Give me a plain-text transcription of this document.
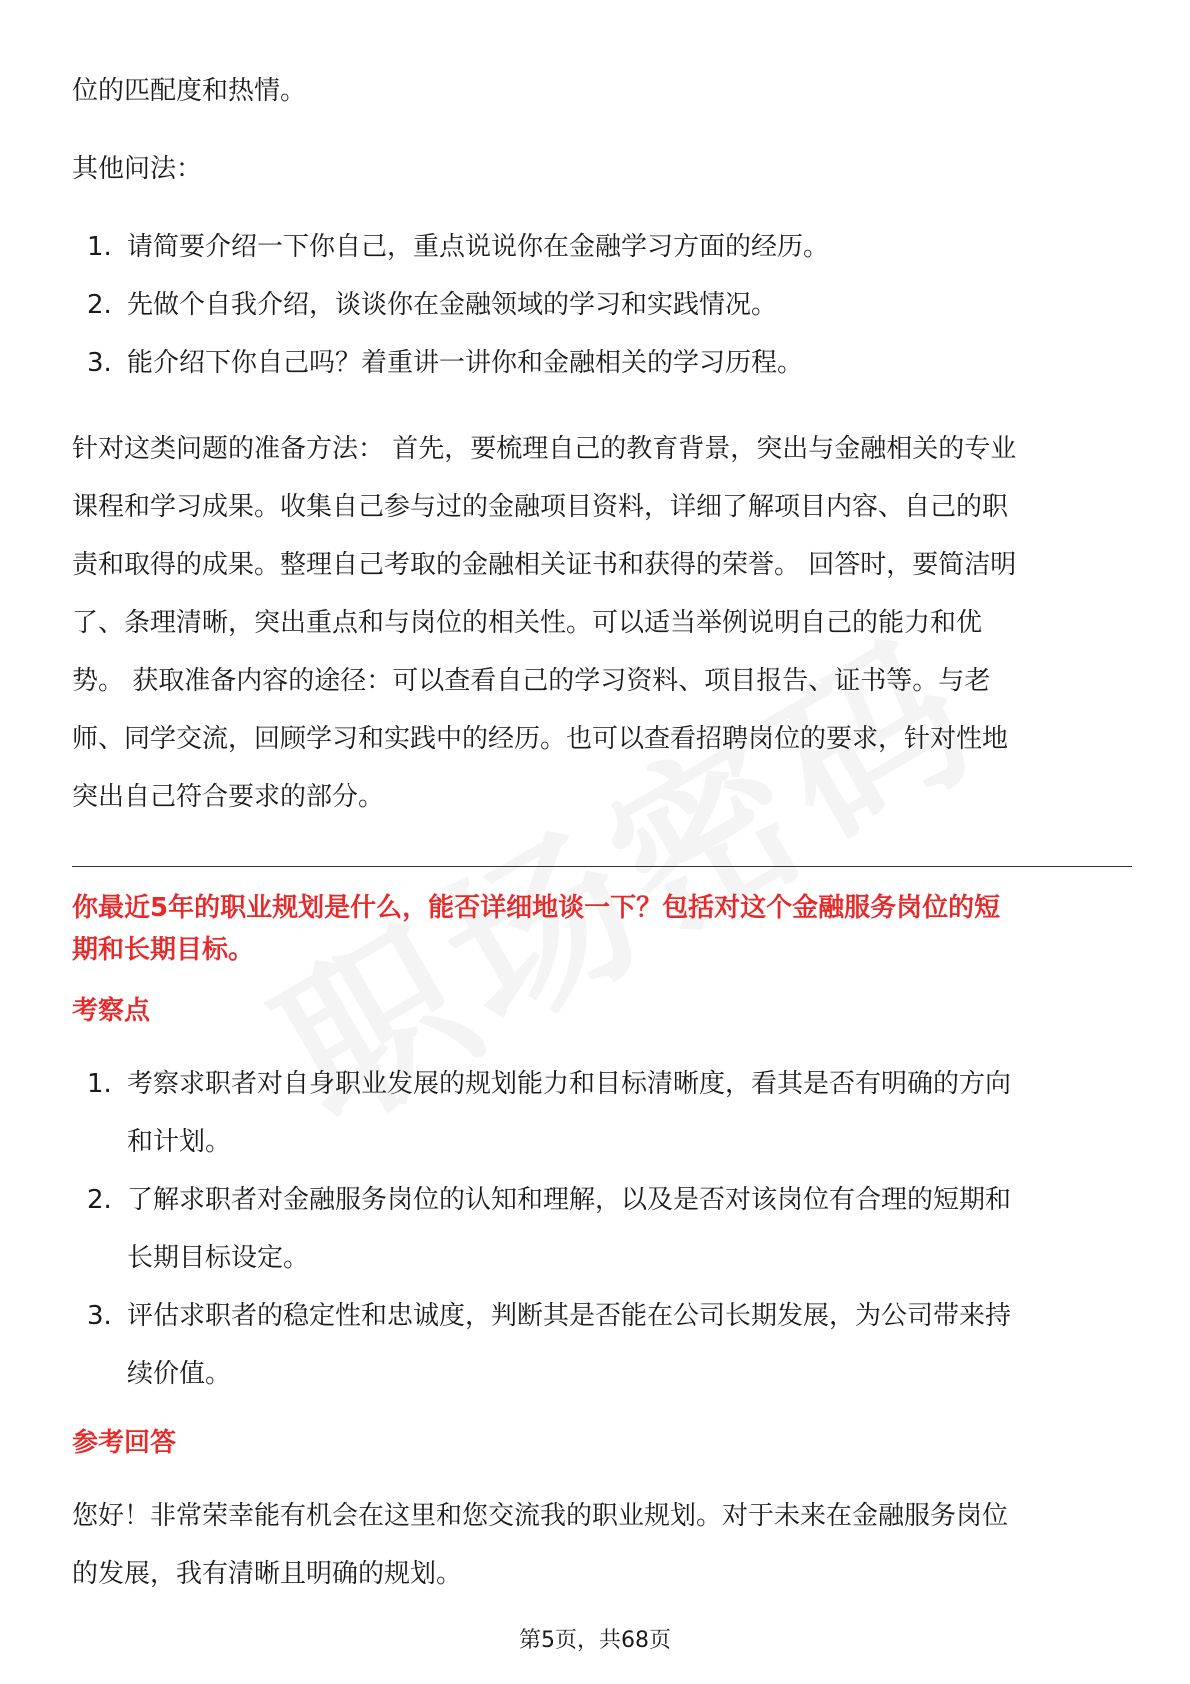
位的匹配度和热情。

其他问法：

1. 请简要介绍一下你自己，重点说说你在金融学习方面的经历。
2. 先做个自我介绍，谈谈你在金融领域的学习和实践情况。
3. 能介绍下你自己吗？着重讲一讲你和金融相关的学习历程。

针对这类问题的准备方法： 首先，要梳理自己的教育背景，突出与金融相关的专业

课程和学习成果。收集自己参与过的金融项目资料，详细了解项目内容、自己的职

责和取得的成果。整理自己考取的金融相关证书和获得的荣誉。 回答时，要简洁明

了、条理清晰，突出重点和与岗位的相关性。可以适当举例说明自己的能力和优

势。 获取准备内容的途径：可以查看自己的学习资料、项目报告、证书等。与老

师、同学交流，回顾学习和实践中的经历。也可以查看招聘岗位的要求，针对性地

突出自己符合要求的部分。

你最近5年的职业规划是什么，能否详细地谈一下？包括对这个金融服务岗位的短

期和长期目标。

考察点

1. 考察求职者对自身职业发展的规划能力和目标清晰度，看其是否有明确的方向
和计划。
2. 了解求职者对金融服务岗位的认知和理解，以及是否对该岗位有合理的短期和
长期目标设定。
3. 评估求职者的稳定性和忠诚度，判断其是否能在公司长期发展，为公司带来持
续价值。

参考回答

您好！非常荣幸能有机会在这里和您交流我的职业规划。对于未来在金融服务岗位

的发展，我有清晰且明确的规划。

第5页，共68页
